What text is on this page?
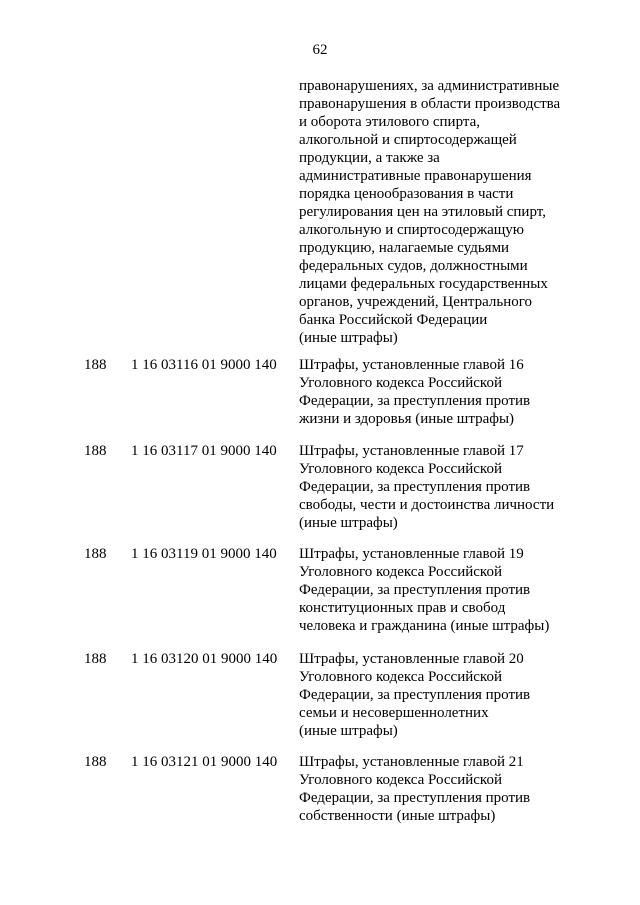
62
правонарушениях, за административные
правонарушения в области производства
и оборота этилового спирта,
алкогольной и спиртосодержащей
продукции, а также за
административные правонарушения
порядка ценообразования в части
регулирования цен на этиловый спирт,
алкогольную и спиртосодержащую
продукцию, налагаемые судьями
федеральных судов, должностными
лицами федеральных государственных
органов, учреждений, Центрального
банка Российской Федерации
(иные штрафы)
188 1 16 03116 01 9000 140 Штрафы, установленные главой 16
Уголовного кодекса Российской
Федерации, за преступления против
жизни и здоровья (иные штрафы)
188 1 16 03117 01 9000 140 Штрафы, установленные главой 17
Уголовного кодекса Российской
Федерации, за преступления против
свободы, чести и достоинства личности
(иные штрафы)
188 1 16 03119 01 9000 140 Штрафы, установленные главой 19
Уголовного кодекса Российской
Федерации, за преступления против
конституционных прав и свобод
человека и гражданина (иные штрафы)
188 1 16 03120 01 9000 140 Штрафы, установленные главой 20
Уголовного кодекса Российской
Федерации, за преступления против
семьи и несовершеннолетних
(иные штрафы)
188 1 16 03121 01 9000 140 Штрафы, установленные главой 21
Уголовного кодекса Российской
Федерации, за преступления против
собственности (иные штрафы)
